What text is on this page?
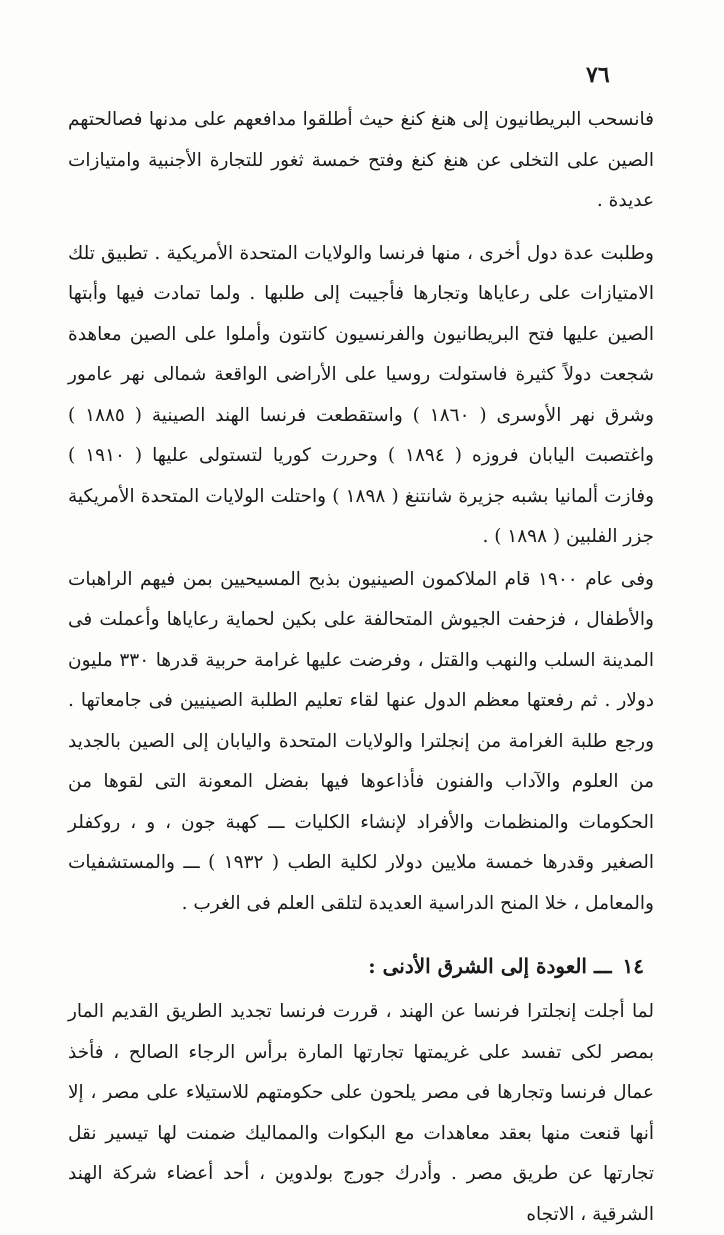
٧٦

فانسحب البريطانيون إلى هنغ كنغ حيث أطلقوا مدافعهم على مدنها فصالحتهم الصين على التخلى عن هنغ كنغ وفتح خمسة ثغور للتجارة الأجنبية وامتيازات عديدة .

وطلبت عدة دول أخرى ، منها فرنسا والولايات المتحدة الأمريكية . تطبيق تلك الامتيازات على رعاياها وتجارها فأجيبت إلى طلبها . ولما تمادت فيها وأبتها الصين عليها فتح البريطانيون والفرنسيون كانتون وأملوا على الصين معاهدة شجعت دولاً كثيرة فاستولت روسيا على الأراضى الواقعة شمالى نهر عامور وشرق نهر الأوسرى ( ١٨٦٠ ) واستقطعت فرنسا الهند الصينية ( ١٨٨٥ ) واغتصبت اليابان فروزه ( ١٨٩٤ ) وحررت كوريا لتستولى عليها ( ١٩١٠ ) وفازت ألمانيا بشبه جزيرة شانتنغ ( ١٨٩٨ ) واحتلت الولايات المتحدة الأمريكية جزر الفلبين ( ١٨٩٨ ) .

وفى عام ١٩٠٠ قام الملاكمون الصينيون بذبح المسيحيين بمن فيهم الراهبات والأطفال ، فزحفت الجيوش المتحالفة على بكين لحماية رعاياها وأعملت فى المدينة السلب والنهب والقتل ، وفرضت عليها غرامة حربية قدرها ٣٣٠ مليون دولار . ثم رفعتها معظم الدول عنها لقاء تعليم الطلبة الصينيين فى جامعاتها . ورجع طلبة الغرامة من إنجلترا والولايات المتحدة واليابان إلى الصين بالجديد من العلوم والآداب والفنون فأذاعوها فيها بفضل المعونة التى لقوها من الحكومات والمنظمات والأفراد لإنشاء الكليات ـــ كهبة جون ، و ، روكفلر الصغير وقدرها خمسة ملايين دولار لكلية الطب ( ١٩٣٢ ) ـــ والمستشفيات والمعامل ، خلا المنح الدراسية العديدة لتلقى العلم فى الغرب .

١٤ ـــ العودة إلى الشرق الأدنى :

لما أجلت إنجلترا فرنسا عن الهند ، قررت فرنسا تجديد الطريق القديم المار بمصر لكى تفسد على غريمتها تجارتها المارة برأس الرجاء الصالح ، فأخذ عمال فرنسا وتجارها فى مصر يلحون على حكومتهم للاستيلاء على مصر ، إلا أنها قنعت منها بعقد معاهدات مع البكوات والمماليك ضمنت لها تيسير نقل تجارتها عن طريق مصر . وأدرك جورج بولدوين ، أحد أعضاء شركة الهند الشرقية ، الاتجاه
